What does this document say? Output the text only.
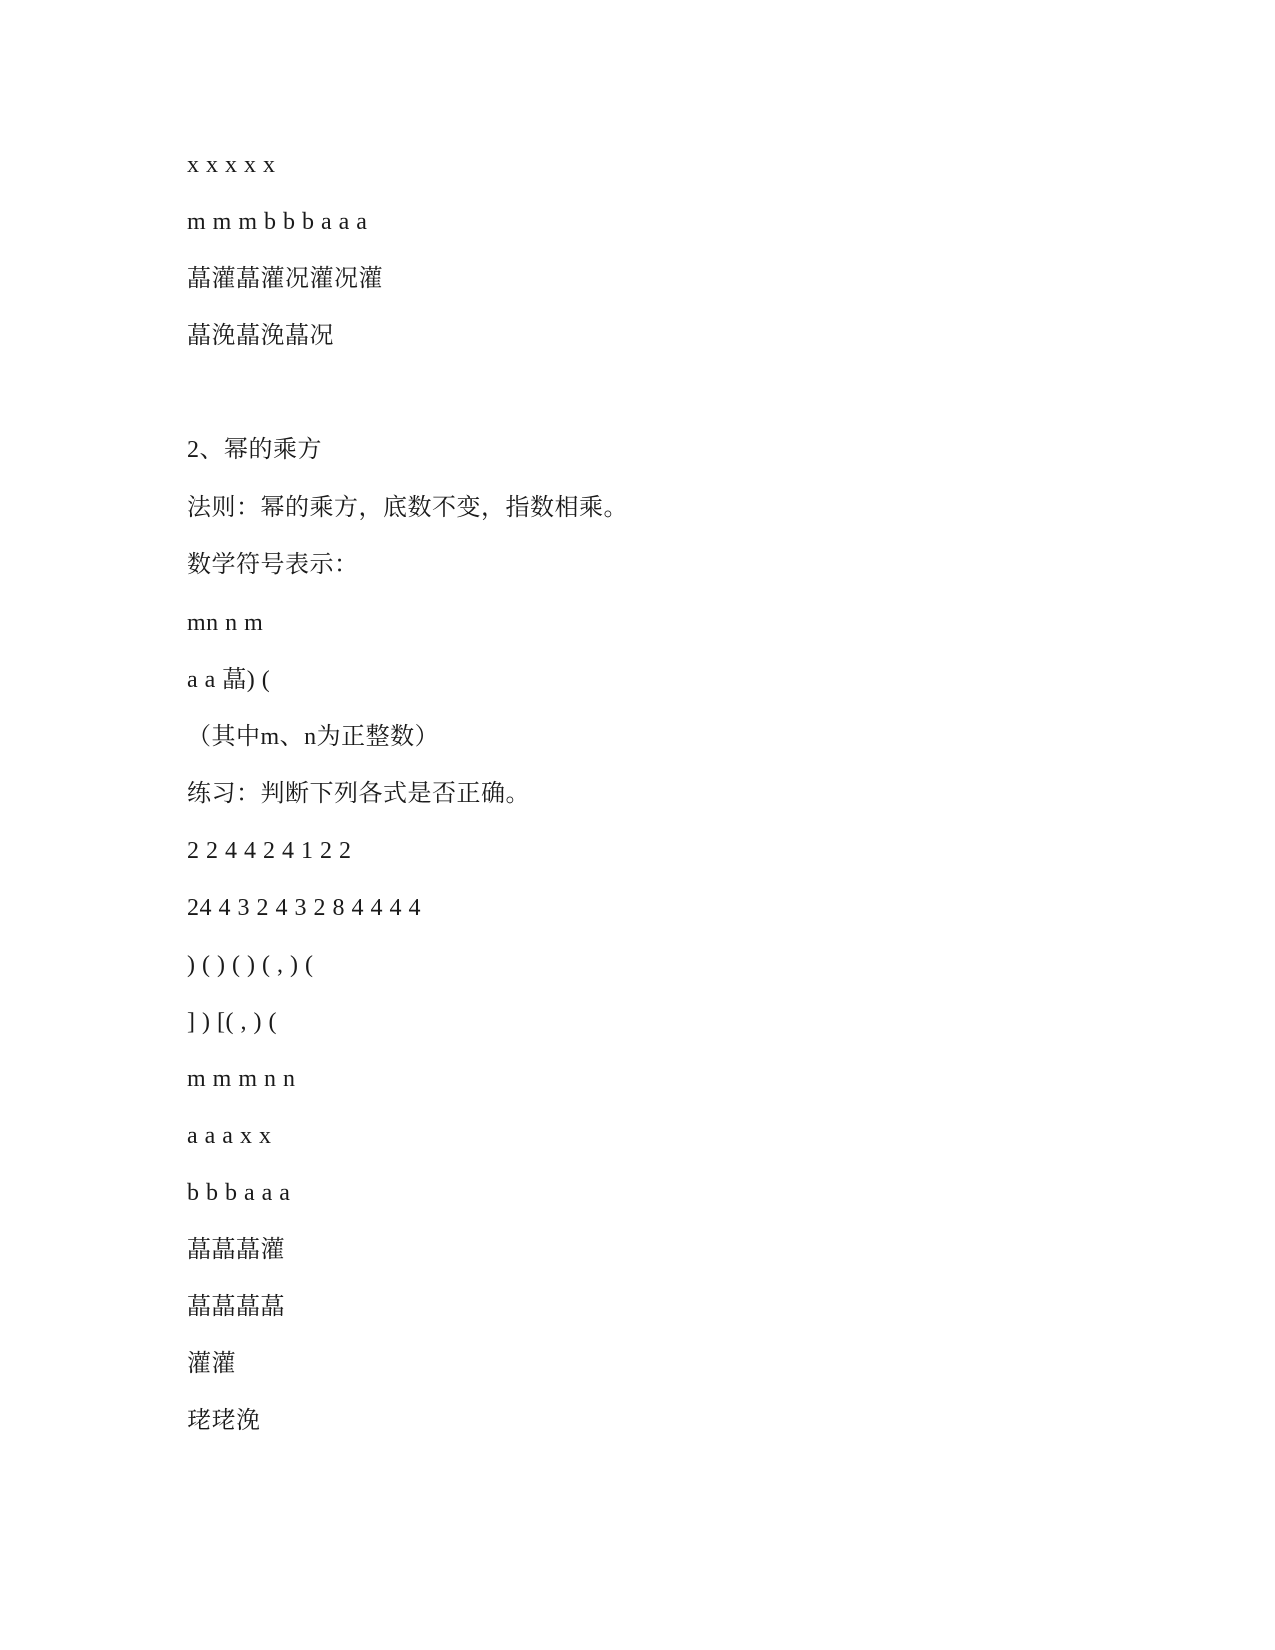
x x x x x
m m m b b b a a a
蕌灌蕌灌况灌况灌
蕌浼蕌浼蕌况
2、幂的乘方
法则：幂的乘方，底数不变，指数相乘。
数学符号表示：
mn n m
a a 蕌) (
（其中m、n为正整数）
练习：判断下列各式是否正确。
2 2 4 4 2 4 1 2 2
24 4 3 2 4 3 2 8 4 4 4 4
) ( ) ( ) ( , ) (
] ) [( , ) (
m m m n n
a a a x x
b b b a a a
蕌蕌蕌灌
蕌蕌蕌蕌
灌灌
珯珯浼
